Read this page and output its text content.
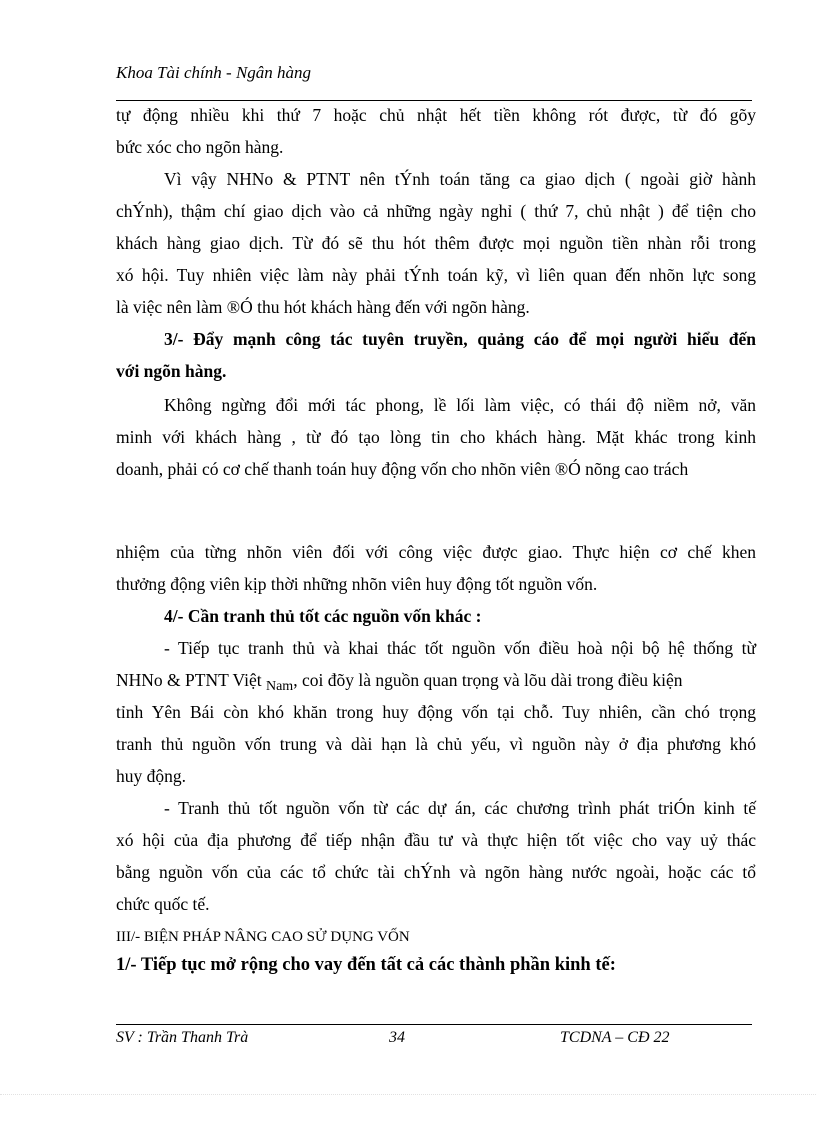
Khoa Tài chính - Ngân hàng
tự động nhiều khi thứ 7 hoặc chủ nhật hết tiền không rót được, từ đó gõy
bức xóc cho ngõn hàng.
Vì vậy NHNo & PTNT nên tÝnh toán tăng ca giao dịch ( ngoài giờ hành
chÝnh), thậm chí giao dịch vào cả những ngày nghỉ ( thứ 7, chủ nhật ) để tiện cho
khách hàng giao dịch. Từ đó sẽ thu hót thêm được mọi nguồn tiền nhàn rỗi trong
xó hội. Tuy nhiên việc làm này phải tÝnh toán kỹ, vì liên quan đến nhõn lực song
là việc nên làm ®Ó thu hót khách hàng đến với ngõn hàng.
3/- Đẩy mạnh công tác tuyên truyền, quảng cáo để mọi người hiểu đến
với ngõn hàng.
Không ngừng đổi mới tác phong, lề lối làm việc, có thái độ niềm nở, văn
minh với khách hàng , từ đó tạo lòng tin cho khách hàng. Mặt khác trong kinh
doanh, phải có cơ chế thanh toán huy động vốn cho nhõn viên ®Ó nõng cao trách
nhiệm của từng nhõn viên đối với công việc được giao. Thực hiện cơ chế khen
thưởng động viên kịp thời những nhõn viên huy động tốt nguồn vốn.
4/- Cần tranh thủ tốt các nguồn vốn khác :
- Tiếp tục tranh thủ và khai thác tốt nguồn vốn điều hoà nội bộ hệ thống từ
NHNo & PTNT Việt $_{Nam}$, coi đõy là nguồn quan trọng và lõu dài trong điều kiện
tỉnh Yên Bái còn khó khăn trong huy động vốn tại chỗ. Tuy nhiên, cần chó trọng
tranh thủ nguồn vốn trung và dài hạn là chủ yếu, vì nguồn này ở địa phương khó
huy động.
- Tranh thủ tốt nguồn vốn từ các dự án, các chương trình phát triÓn kinh tế
xó hội của địa phương để tiếp nhận đầu tư và thực hiện tốt việc cho vay uỷ thác
bằng nguồn vốn của các tổ chức tài chÝnh và ngõn hàng nước ngoài, hoặc các tổ
chức quốc tế.
III/- BIỆN PHÁP NÂNG CAO SỬ DỤNG VỐN
1/- Tiếp tục mở rộng cho vay đến tất cả các thành phần kinh tế:
SV : Trần Thanh Trà	34	TCDNA – CĐ 22
